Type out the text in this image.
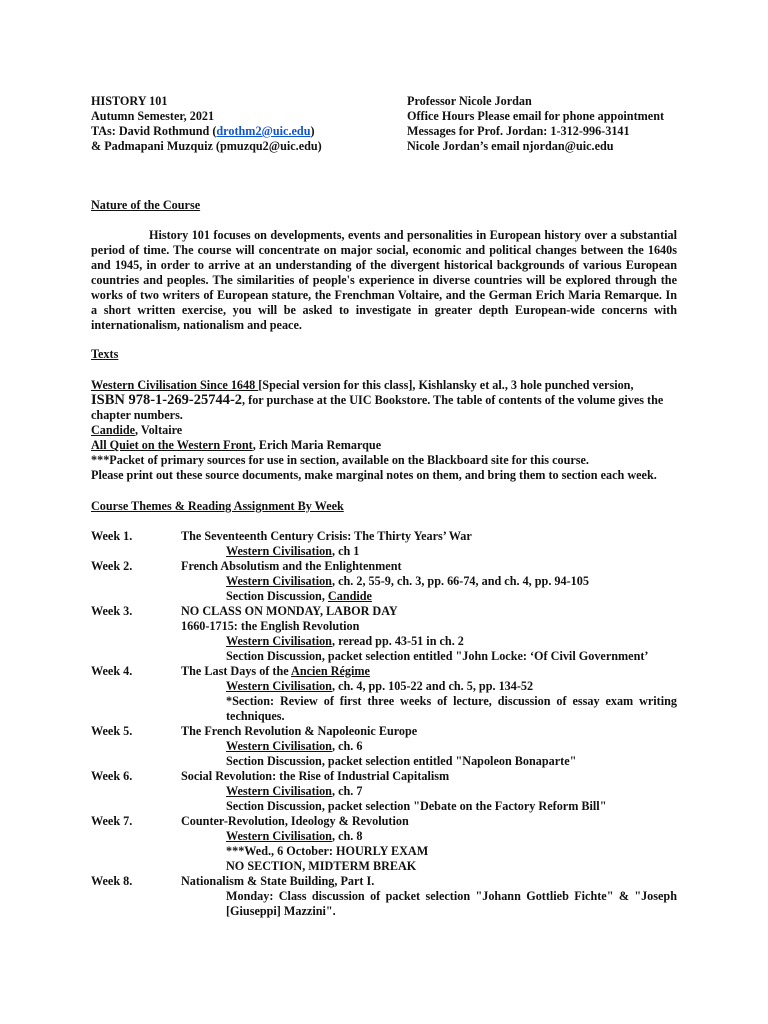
HISTORY 101
Autumn Semester, 2021
TAs: David Rothmund (drothm2@uic.edu)
& Padmapani Muzquiz (pmuzqu2@uic.edu)
Professor Nicole Jordan
Office Hours Please email for phone appointment
Messages for Prof. Jordan: 1-312-996-3141
Nicole Jordan’s email njordan@uic.edu
Nature of the Course
History 101 focuses on developments, events and personalities in European history over a substantial period of time. The course will concentrate on major social, economic and political changes between the 1640s and 1945, in order to arrive at an understanding of the divergent historical backgrounds of various European countries and peoples. The similarities of people's experience in diverse countries will be explored through the works of two writers of European stature, the Frenchman Voltaire, and the German Erich Maria Remarque. In a short written exercise, you will be asked to investigate in greater depth European-wide concerns with internationalism, nationalism and peace.
Texts
Western Civilisation Since 1648 [Special version for this class], Kishlansky et al., 3 hole punched version,
ISBN 978-1-269-25744-2, for purchase at the UIC Bookstore. The table of contents of the volume gives the chapter numbers.
Candide, Voltaire
All Quiet on the Western Front, Erich Maria Remarque
***Packet of primary sources for use in section, available on the Blackboard site for this course.
Please print out these source documents, make marginal notes on them, and bring them to section each week.
Course Themes & Reading Assignment By Week
Week 1.	The Seventeenth Century Crisis: The Thirty Years’ War
Western Civilisation, ch 1
Week 2.	French Absolutism and the Enlightenment
Western Civilisation, ch. 2, 55-9, ch. 3, pp. 66-74, and ch. 4, pp. 94-105
Section Discussion, Candide
Week 3.	NO CLASS ON MONDAY, LABOR DAY
1660-1715: the English Revolution
Western Civilisation, reread pp. 43-51 in ch. 2
Section Discussion, packet selection entitled "John Locke: ‘Of Civil Government’
Week 4.	The Last Days of the Ancien Régime
Western Civilisation, ch. 4, pp. 105-22 and ch. 5, pp. 134-52
*Section: Review of first three weeks of lecture, discussion of essay exam writing techniques.
Week 5.	The French Revolution & Napoleonic Europe
Western Civilisation, ch. 6
Section Discussion, packet selection entitled "Napoleon Bonaparte"
Week 6.	Social Revolution: the Rise of Industrial Capitalism
Western Civilisation, ch. 7
Section Discussion, packet selection "Debate on the Factory Reform Bill"
Week 7.	Counter-Revolution, Ideology & Revolution
Western Civilisation, ch. 8
***Wed., 6 October: HOURLY EXAM
NO SECTION, MIDTERM BREAK
Week 8.	Nationalism & State Building, Part I.
Monday: Class discussion of packet selection "Johann Gottlieb Fichte" & "Joseph [Giuseppi] Mazzini".
